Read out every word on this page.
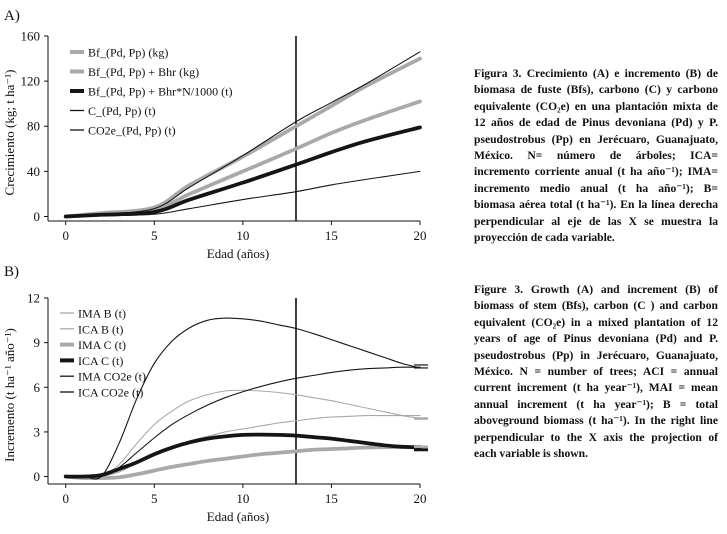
A)
0	5	10	15	20
0
40
80
120
160
Edad (años)
Crecimiento (kg; t ha⁻¹)
Bf_(Pd, Pp) (kg)
Bf_(Pd, Pp) + Bhr (kg)
Bf_(Pd, Pp) + Bhr*N/1000 (t)
C_(Pd, Pp) (t)
CO2e_(Pd, Pp) (t)
B)
0	5	10	15	20
0
3
6
9
12
Edad (años)
Incremento (t ha⁻¹ año⁻¹)
IMA B (t)
ICA B (t)
IMA C (t)
ICA C (t)
IMA CO2e (t)
ICA CO2e (t)

Figura 3. Crecimiento (A) e incremento (B) de biomasa de fuste (Bfs), carbono (C) y carbono equivalente (CO₂e) en una plantación mixta de 12 años de edad de Pinus devoniana (Pd) y P. pseudostrobus (Pp) en Jerécuaro, Guanajuato, México. N= número de árboles; ICA= incremento corriente anual (t ha año⁻¹); IMA= incremento medio anual (t ha año⁻¹); B= biomasa aérea total (t ha⁻¹). En la línea derecha perpendicular al eje de las X se muestra la proyección de cada variable.

Figure 3. Growth (A) and increment (B) of biomass of stem (Bfs), carbon (C ) and carbon equivalent (CO₂e) in a mixed plantation of 12 years of age of Pinus devoniana (Pd) and P. pseudostrobus (Pp) in Jerécuaro, Guanajuato, México. N = number of trees; ACI = annual current increment (t ha year⁻¹), MAI = mean annual increment (t ha year⁻¹); B = total aboveground biomass (t ha⁻¹). In the right line perpendicular to the X axis the projection of each variable is shown.
